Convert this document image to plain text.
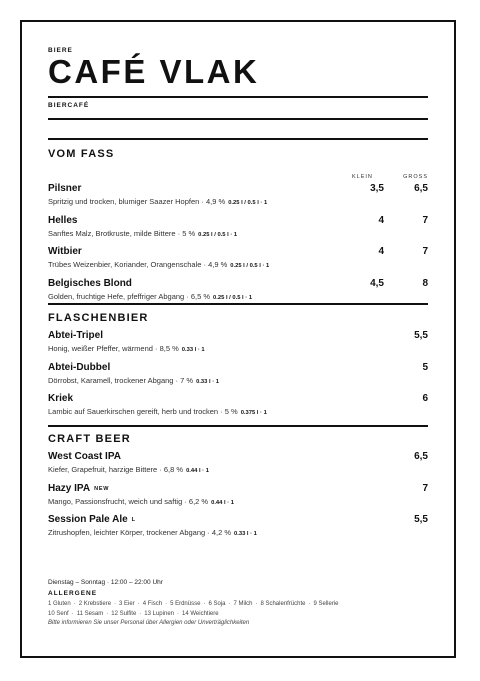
BIERE
CAFÉ VLAK
BIERCAFÉ
VOM FASS
KLEIN	GROSS
Pilsner
Spritzig und trocken, blumiger Saazer Hopfen · 4,9 % 0.25 l / 0.5 l · 1
3,5	6,5
Helles
Sanftes Malz, Brotkruste, milde Bittere · 5 % 0.25 l / 0.5 l · 1
4	7
Witbier
Trübes Weizenbier, Koriander, Orangenschale · 4,9 % 0.25 l / 0.5 l · 1
4	7
Belgisches Blond
Golden, fruchtige Hefe, pfeffriger Abgang · 6,5 % 0.25 l / 0.5 l · 1
4,5	8
FLASCHENBIER
Abtei-Tripel
Honig, weißer Pfeffer, wärmend · 8,5 % 0.33 l · 1
5,5
Abtei-Dubbel
Dörrobst, Karamell, trockener Abgang · 7 % 0.33 l · 1
5
Kriek
Lambic auf Sauerkirschen gereift, herb und trocken · 5 % 0.375 l · 1
6
CRAFT BEER
West Coast IPA
Kiefer, Grapefruit, harzige Bittere · 6,8 % 0.44 l · 1
6,5
Hazy IPA NEW
Mango, Passionsfrucht, weich und saftig · 6,2 % 0.44 l · 1
7
Session Pale Ale L
Zitrushopfen, leichter Körper, trockener Abgang · 4,2 % 0.33 l · 1
5,5
Dienstag – Sonntag · 12:00 – 22:00 Uhr
ALLERGENE
1 Gluten · 2 Krebstiere · 3 Eier · 4 Fisch · 5 Erdnüsse · 6 Soja · 7 Milch · 8 Schalenfrüchte · 9 Sellerie
10 Senf · 11 Sesam · 12 Sulfite · 13 Lupinen · 14 Weichtiere
Bitte informieren Sie unser Personal über Allergien oder Unverträglichkeiten
